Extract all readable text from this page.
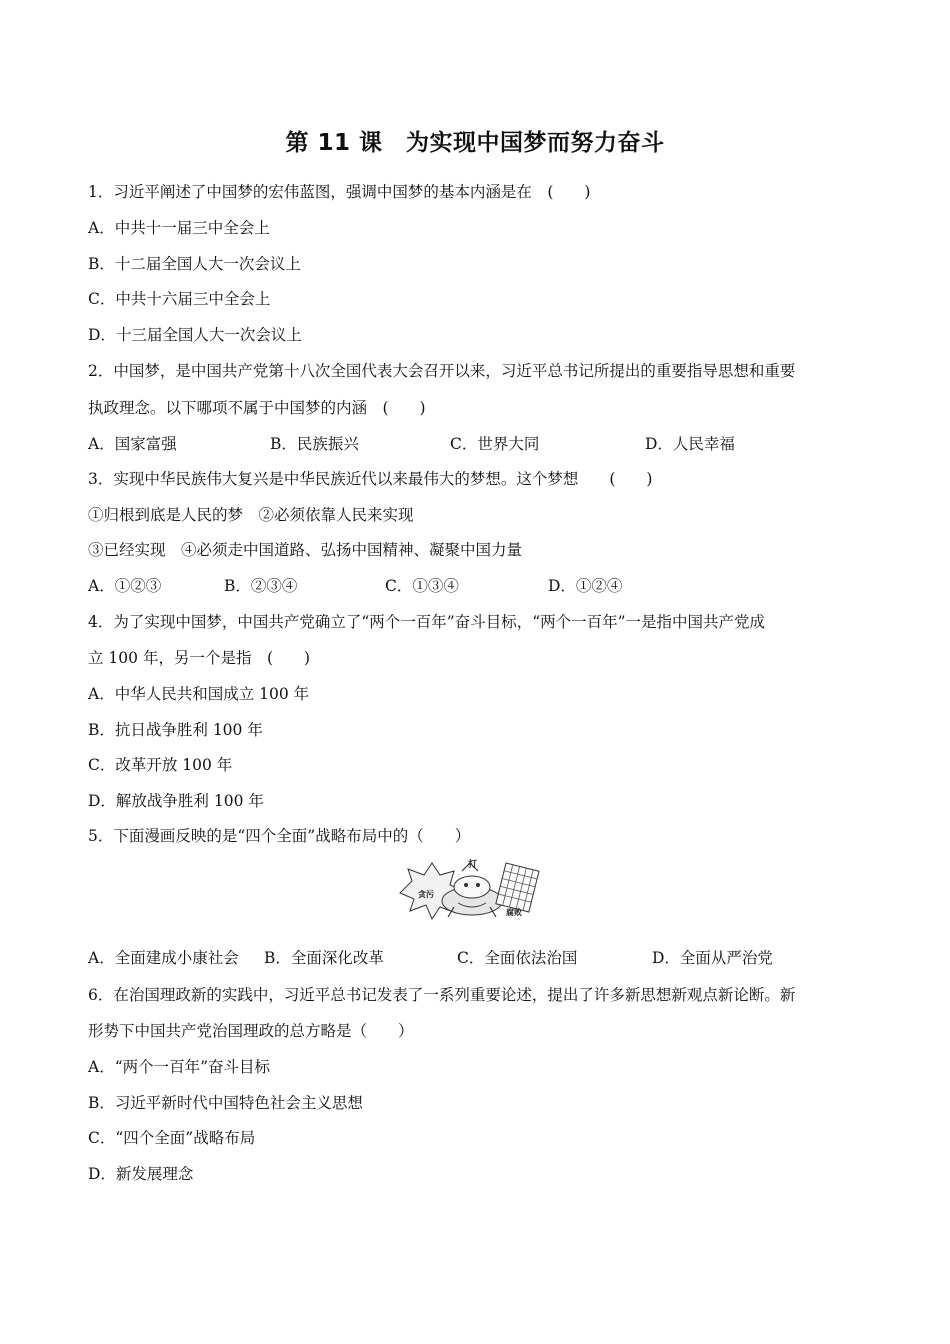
第 11 课　为实现中国梦而努力奋斗
1．习近平阐述了中国梦的宏伟蓝图，强调中国梦的基本内涵是在　(　　)
A．中共十一届三中全会上
B．十二届全国人大一次会议上
C．中共十六届三中全会上
D．十三届全国人大一次会议上
2．中国梦，是中国共产党第十八次全国代表大会召开以来，习近平总书记所提出的重要指导思想和重要
执政理念。以下哪项不属于中国梦的内涵　(　　)
A．国家富强	B．民族振兴	C．世界大同	D．人民幸福
3．实现中华民族伟大复兴是中华民族近代以来最伟大的梦想。这个梦想　　(　　)
①归根到底是人民的梦　②必须依靠人民来实现
③已经实现　④必须走中国道路、弘扬中国精神、凝聚中国力量
A．①②③	B．②③④	C．①③④	D．①②④
4．为了实现中国梦，中国共产党确立了“两个一百年”奋斗目标，“两个一百年”一是指中国共产党成
立 100 年，另一个是指　(　　)
A．中华人民共和国成立 100 年
B．抗日战争胜利 100 年
C．改革开放 100 年
D．解放战争胜利 100 年
5．下面漫画反映的是“四个全面”战略布局中的（　　）
打
贪污
腐败
A．全面建成小康社会 B．全面深化改革	C．全面依法治国	D．全面从严治党
6．在治国理政新的实践中，习近平总书记发表了一系列重要论述，提出了许多新思想新观点新论断。新
形势下中国共产党治国理政的总方略是（　　）
A．“两个一百年”奋斗目标
B．习近平新时代中国特色社会主义思想
C．“四个全面”战略布局
D．新发展理念
